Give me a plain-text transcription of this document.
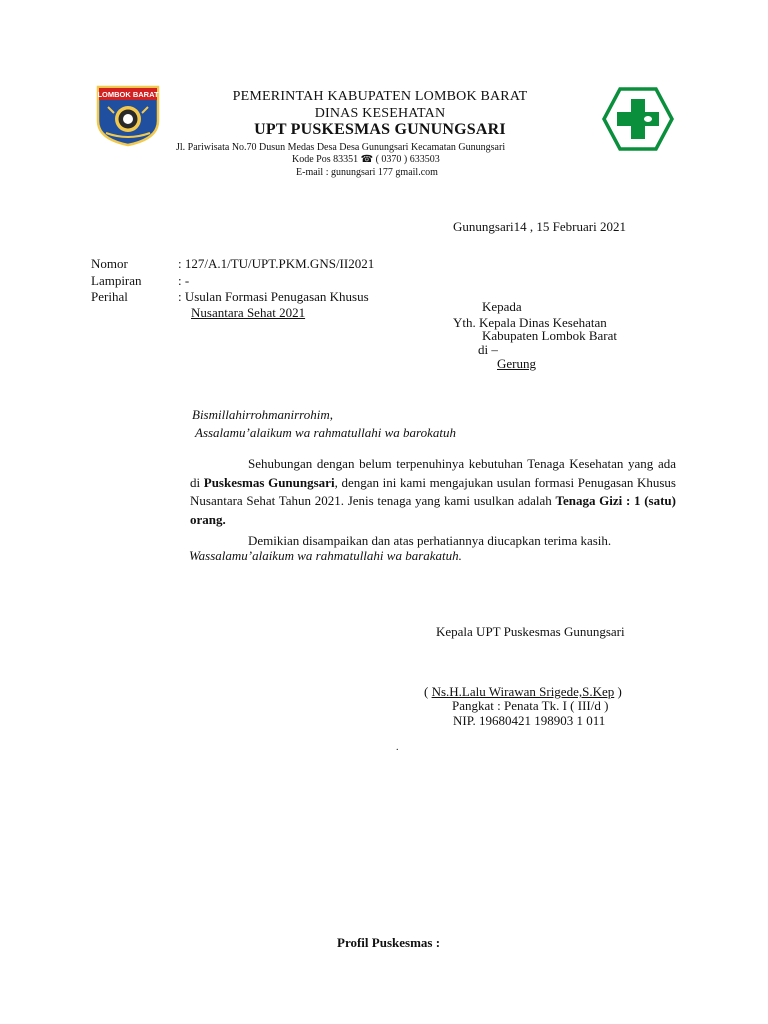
LOMBOK BARAT	PEMERINTAH KABUPATEN LOMBOK BARAT
DINAS KESEHATAN
UPT PUSKESMAS GUNUNGSARI
Jl. Pariwisata No.70 Dusun Medas Desa Desa Gunungsari Kecamatan Gunungsari
Kode Pos 83351 ☎ ( 0370 ) 633503
E-mail : gunungsari 177 gmail.com
Gunungsari14 , 15 Februari 2021
Nomor	: 127/A.1/TU/UPT.PKM.GNS/II2021
Lampiran	: -
Perihal	: Usulan Formasi Penugasan Khusus
Nusantara Sehat 2021	Kepada
Yth. Kepala Dinas Kesehatan
Kabupaten Lombok Barat
di –
Gerung
Bismillahirrohmanirrohim,
Assalamu’alaikum wa rahmatullahi wa barokatuh
Sehubungan dengan belum terpenuhinya kebutuhan Tenaga Kesehatan yang ada di Puskesmas Gunungsari, dengan ini kami mengajukan usulan formasi Penugasan Khusus Nusantara Sehat Tahun 2021. Jenis tenaga yang kami usulkan adalah Tenaga Gizi : 1 (satu) orang.
Demikian disampaikan dan atas perhatiannya diucapkan terima kasih.
Wassalamu’alaikum wa rahmatullahi wa barakatuh.
Kepala UPT Puskesmas Gunungsari
( Ns.H.Lalu Wirawan Srigede,S.Kep )
Pangkat : Penata Tk. I ( III/d )
NIP. 19680421 198903 1 011
.
Profil Puskesmas :
